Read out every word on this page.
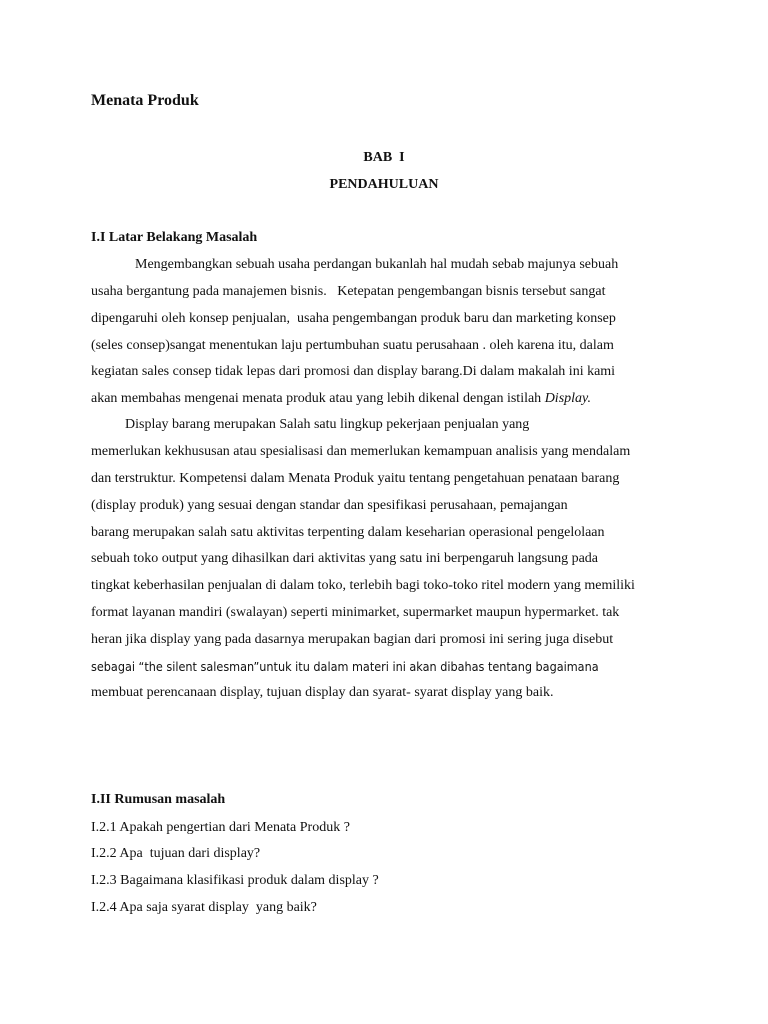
Menata Produk

BAB  I

PENDAHULUAN

I.I Latar Belakang Masalah

Mengembangkan sebuah usaha perdangan bukanlah hal mudah sebab majunya sebuah

usaha bergantung pada manajemen bisnis.   Ketepatan pengembangan bisnis tersebut sangat

dipengaruhi oleh konsep penjualan,  usaha pengembangan produk baru dan marketing konsep

(seles consep)sangat menentukan laju pertumbuhan suatu perusahaan . oleh karena itu, dalam

kegiatan sales consep tidak lepas dari promosi dan display barang.Di dalam makalah ini kami

akan membahas mengenai menata produk atau yang lebih dikenal dengan istilah Display.

Display barang merupakan Salah satu lingkup pekerjaan penjualan yang

memerlukan kekhususan atau spesialisasi dan memerlukan kemampuan analisis yang mendalam

dan terstruktur. Kompetensi dalam Menata Produk yaitu tentang pengetahuan penataan barang

(display produk) yang sesuai dengan standar dan spesifikasi perusahaan, pemajangan

barang merupakan salah satu aktivitas terpenting dalam keseharian operasional pengelolaan

sebuah toko output yang dihasilkan dari aktivitas yang satu ini berpengaruh langsung pada

tingkat keberhasilan penjualan di dalam toko, terlebih bagi toko-toko ritel modern yang memiliki

format layanan mandiri (swalayan) seperti minimarket, supermarket maupun hypermarket. tak

heran jika display yang pada dasarnya merupakan bagian dari promosi ini sering juga disebut

sebagai “the silent salesman”untuk itu dalam materi ini akan dibahas tentang bagaimana

membuat perencanaan display, tujuan display dan syarat- syarat display yang baik.

I.II Rumusan masalah

I.2.1 Apakah pengertian dari Menata Produk ?

I.2.2 Apa  tujuan dari display?

I.2.3 Bagaimana klasifikasi produk dalam display ?

I.2.4 Apa saja syarat display  yang baik?
